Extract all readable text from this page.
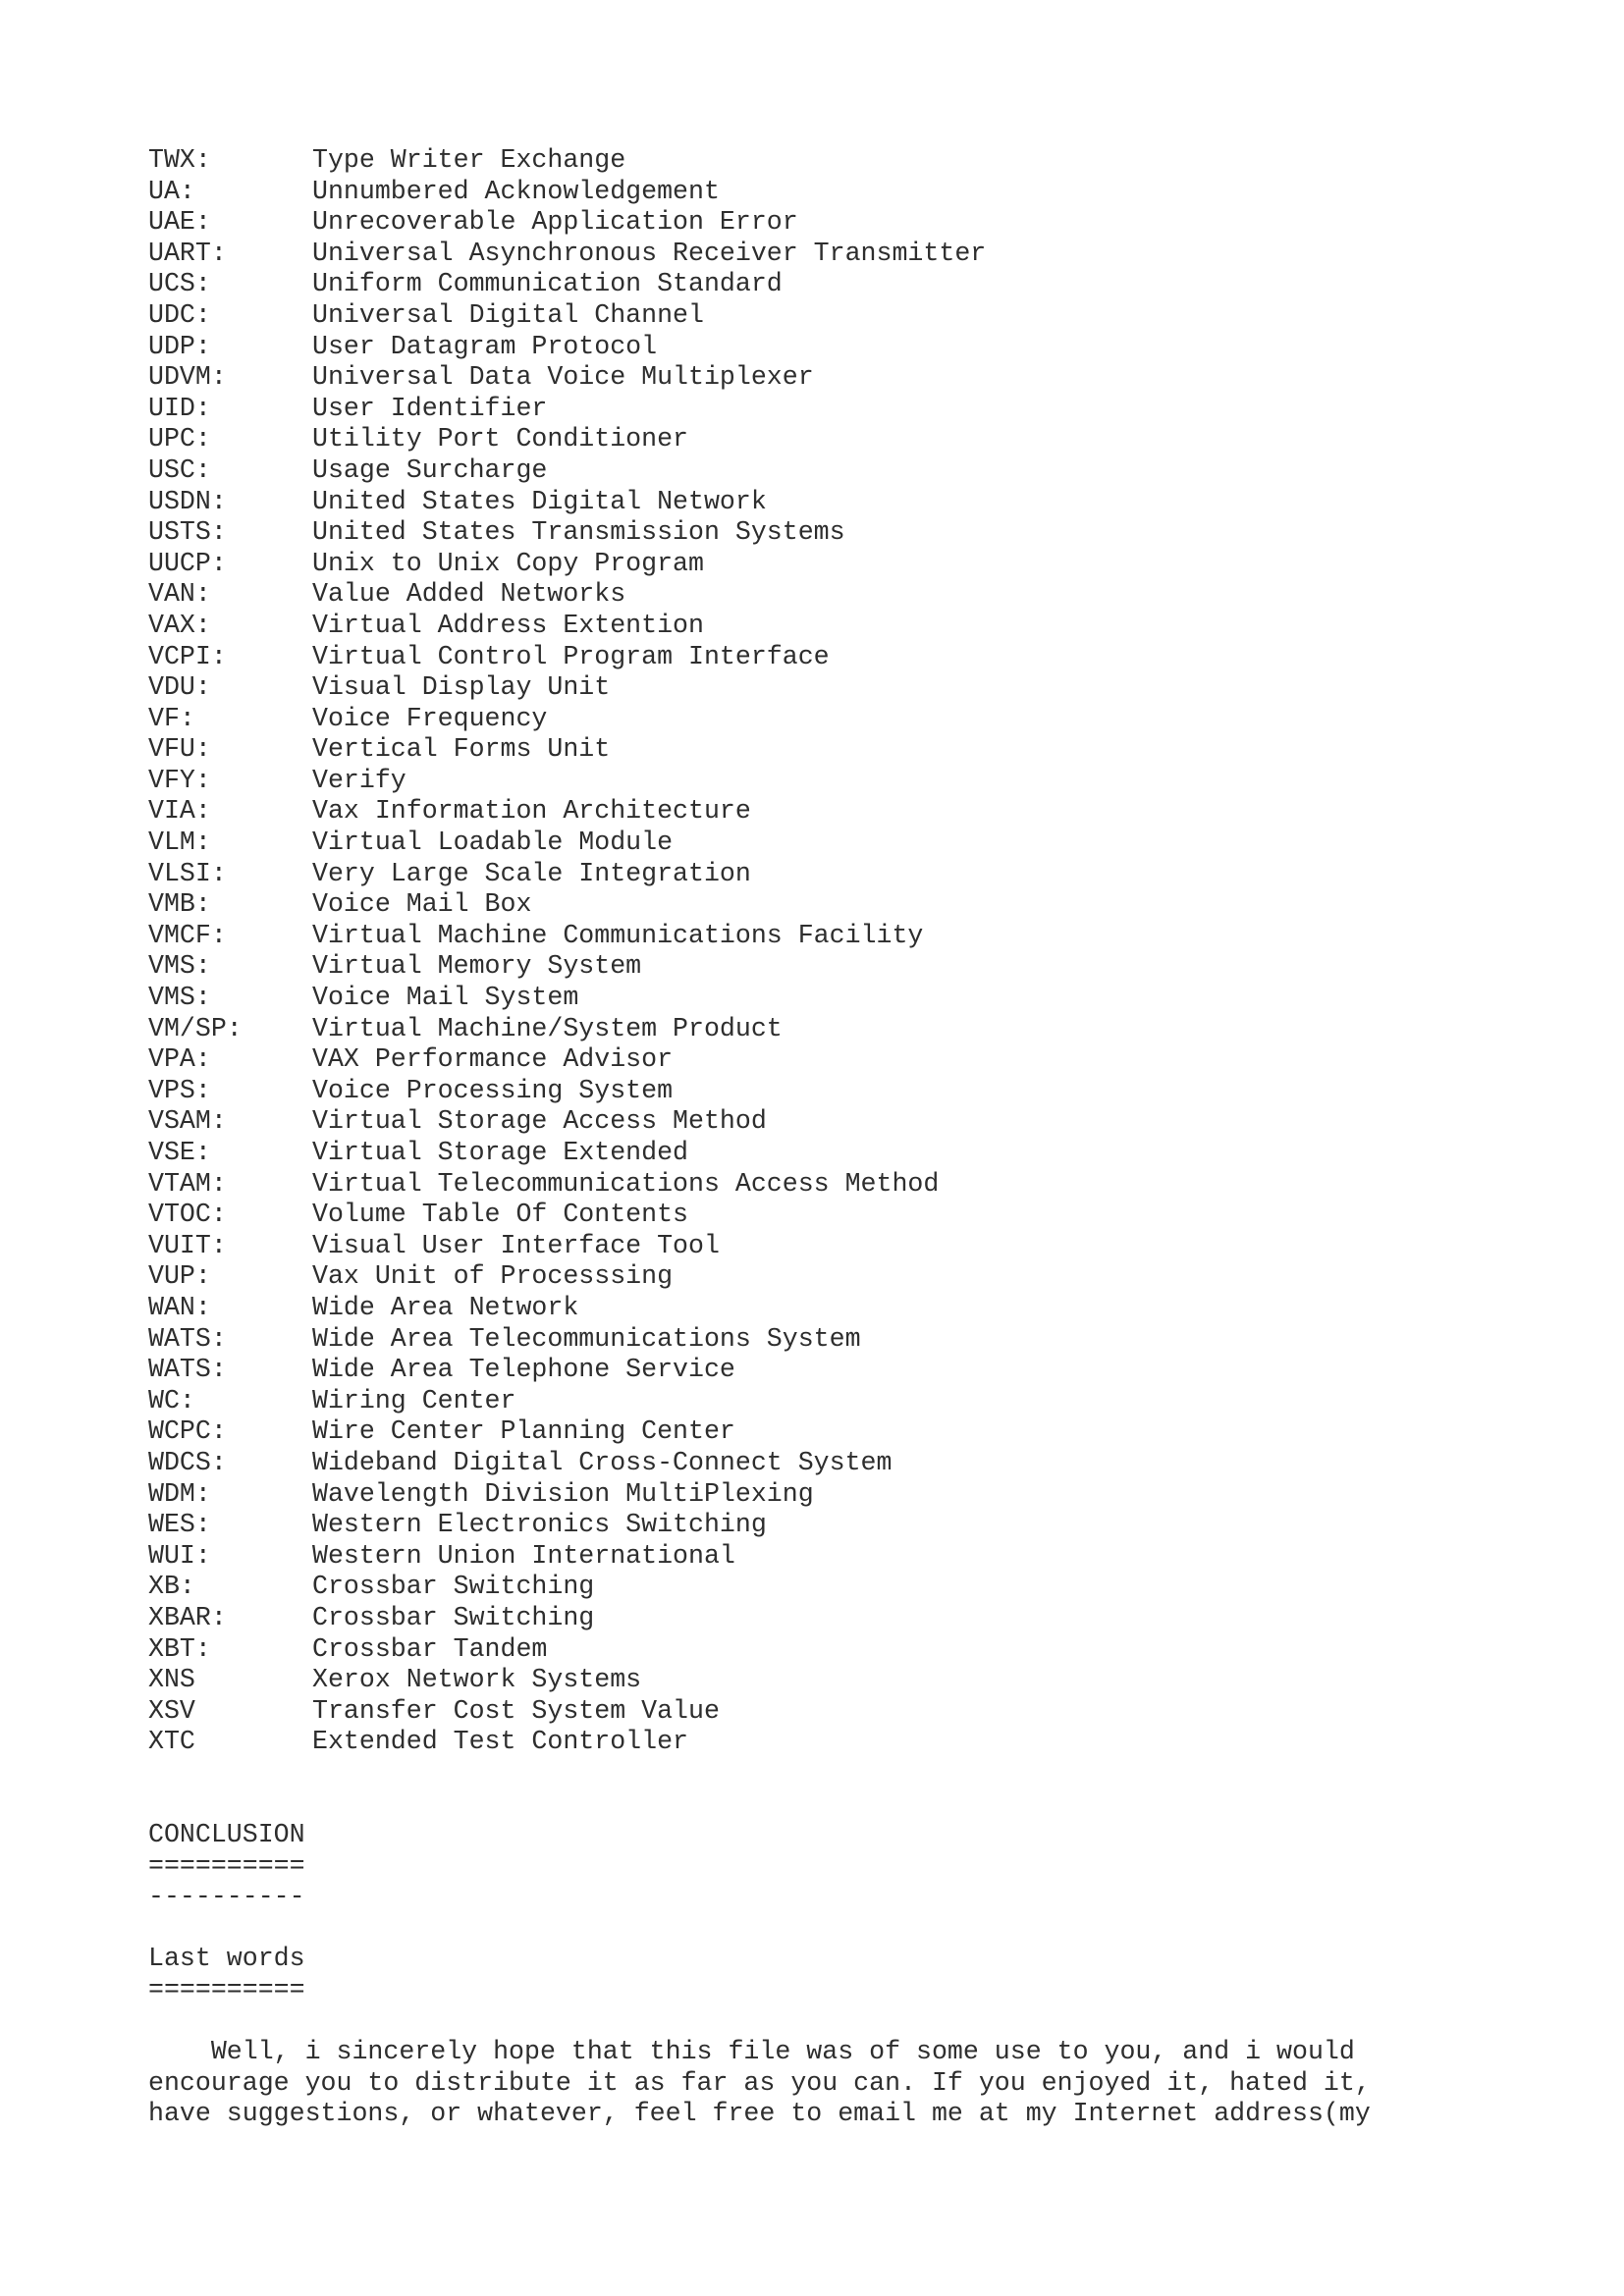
TWX:	Type Writer Exchange
UA:	Unnumbered Acknowledgement
UAE:	Unrecoverable Application Error
UART:	Universal Asynchronous Receiver Transmitter
UCS:	Uniform Communication Standard
UDC:	Universal Digital Channel
UDP:	User Datagram Protocol
UDVM:	Universal Data Voice Multiplexer
UID:	User Identifier
UPC:	Utility Port Conditioner
USC:	Usage Surcharge
USDN:	United States Digital Network
USTS:	United States Transmission Systems
UUCP:	Unix to Unix Copy Program
VAN:	Value Added Networks
VAX:	Virtual Address Extention
VCPI:	Virtual Control Program Interface
VDU:	Visual Display Unit
VF:	Voice Frequency
VFU:	Vertical Forms Unit
VFY:	Verify
VIA:	Vax Information Architecture
VLM:	Virtual Loadable Module
VLSI:	Very Large Scale Integration
VMB:	Voice Mail Box
VMCF:	Virtual Machine Communications Facility
VMS:	Virtual Memory System
VMS:	Voice Mail System
VM/SP:	Virtual Machine/System Product
VPA:	VAX Performance Advisor
VPS:	Voice Processing System
VSAM:	Virtual Storage Access Method
VSE:	Virtual Storage Extended
VTAM:	Virtual Telecommunications Access Method
VTOC:	Volume Table Of Contents
VUIT:	Visual User Interface Tool
VUP:	Vax Unit of Processsing
WAN:	Wide Area Network
WATS:	Wide Area Telecommunications System
WATS:	Wide Area Telephone Service
WC:	Wiring Center
WCPC:	Wire Center Planning Center
WDCS:	Wideband Digital Cross-Connect System
WDM:	Wavelength Division MultiPlexing
WES:	Western Electronics Switching
WUI:	Western Union International
XB:	Crossbar Switching
XBAR:	Crossbar Switching
XBT:	Crossbar Tandem
XNS	Xerox Network Systems
XSV	Transfer Cost System Value
XTC	Extended Test Controller
CONCLUSION
==========
----------
Last words
==========
Well, i sincerely hope that this file was of some use to you, and i would
encourage you to distribute it as far as you can. If you enjoyed it, hated it,
have suggestions, or whatever, feel free to email me at my Internet address(my
